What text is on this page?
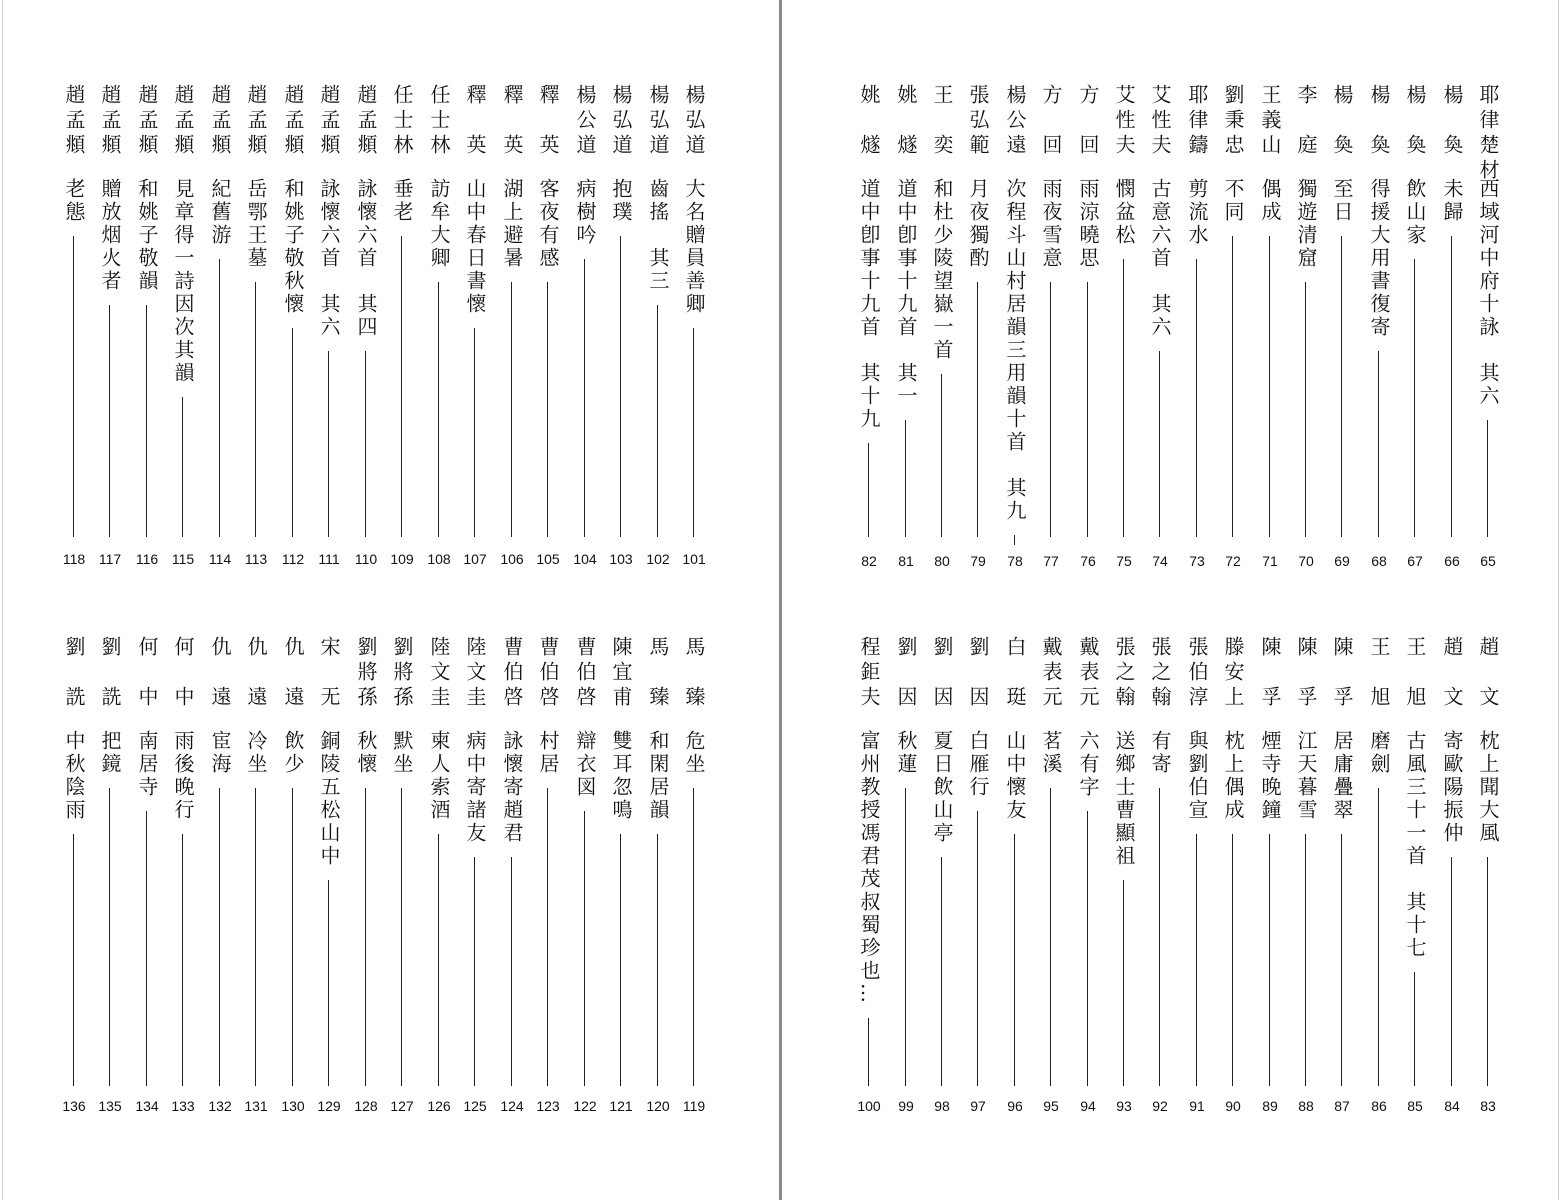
耶律楚材
西域河中府十詠　其六
65
楊　奐
未歸
66
楊　奐
飲山家
67
楊　奐
得援大用書復寄
68
楊　奐
至日
69
李　庭
獨遊清窟
70
王義山
偶成
71
劉秉忠
不同
72
耶律鑄
剪流水
73
艾性夫
古意六首　其六
74
艾性夫
憫盆松
75
方　回
雨涼曉思
76
方　回
雨夜雪意
77
楊公遠
次程斗山村居韻三用韻十首　其九
78
張弘範
月夜獨酌
79
王　奕
和杜少陵望嶽一首
80
姚　燧
道中卽事十九首　其一
81
姚　燧
道中卽事十九首　其十九
82
楊弘道
大名贈員善卿
101
楊弘道
齒搖　其三
102
楊弘道
抱璞
103
楊公道
病樹吟
104
釋　英
客夜有感
105
釋　英
湖上避暑
106
釋　英
山中春日書懷
107
任士林
訪牟大卿
108
任士林
垂老
109
趙孟頫
詠懷六首　其四
110
趙孟頫
詠懷六首　其六
111
趙孟頫
和姚子敬秋懷
112
趙孟頫
岳鄂王墓
113
趙孟頫
紀舊游
114
趙孟頫
見章得一詩因次其韻
115
趙孟頫
和姚子敬韻
116
趙孟頫
贈放烟火者
117
趙孟頫
老態
118
趙　文
枕上聞大風
83
趙　文
寄歐陽振仲
84
王　旭
古風三十一首　其十七
85
王　旭
磨劍
86
陳　孚
居庸疊翠
87
陳　孚
江天暮雪
88
陳　孚
煙寺晚鐘
89
滕安上
枕上偶成
90
張伯淳
與劉伯宣
91
張之翰
有寄
92
張之翰
送鄉士曹顯祖
93
戴表元
六有字
94
戴表元
茗溪
95
白　珽
山中懷友
96
劉　因
白雁行
97
劉　因
夏日飲山亭
98
劉　因
秋蓮
99
程鉅夫
富州教授馮君茂叔蜀珍也…
100
馬　臻
危坐
119
馬　臻
和閑居韻
120
陳宜甫
雙耳忽鳴
121
曹伯啓
辯衣図
122
曹伯啓
村居
123
曹伯啓
詠懷寄趙君
124
陸文圭
病中寄諸友
125
陸文圭
柬人索酒
126
劉將孫
默坐
127
劉將孫
秋懷
128
宋　无
銅陵五松山中
129
仇　遠
飲少
130
仇　遠
冷坐
131
仇　遠
宦海
132
何　中
雨後晚行
133
何　中
南居寺
134
劉　詵
把鏡
135
劉　詵
中秋陰雨
136
